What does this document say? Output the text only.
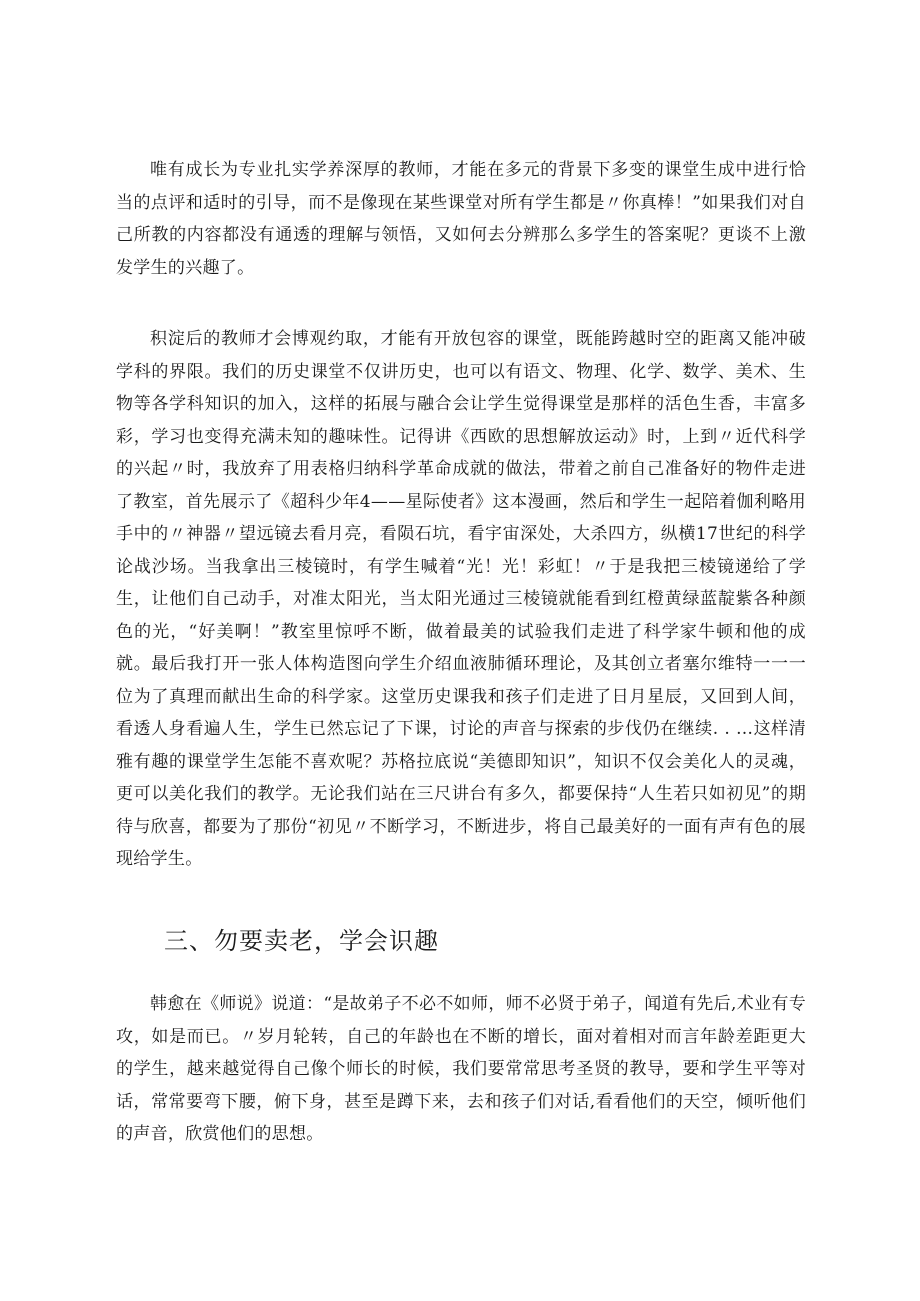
唯有成长为专业扎实学养深厚的教师，才能在多元的背景下多变的课堂生成中进行恰当的点评和适时的引导，而不是像现在某些课堂对所有学生都是〃你真棒！”如果我们对自己所教的内容都没有通透的理解与领悟，又如何去分辨那么多学生的答案呢？更谈不上激发学生的兴趣了。

积淀后的教师才会博观约取，才能有开放包容的课堂，既能跨越时空的距离又能冲破学科的界限。我们的历史课堂不仅讲历史，也可以有语文、物理、化学、数学、美术、生物等各学科知识的加入，这样的拓展与融合会让学生觉得课堂是那样的活色生香，丰富多彩，学习也变得充满未知的趣味性。记得讲《西欧的思想解放运动》时，上到〃近代科学的兴起〃时，我放弃了用表格归纳科学革命成就的做法，带着之前自己准备好的物件走进了教室，首先展示了《超科少年4——星际使者》这本漫画，然后和学生一起陪着伽利略用手中的〃神器〃望远镜去看月亮，看陨石坑，看宇宙深处，大杀四方，纵横17世纪的科学论战沙场。当我拿出三棱镜时，有学生喊着“光！光！彩虹！〃于是我把三棱镜递给了学生，让他们自己动手，对准太阳光，当太阳光通过三棱镜就能看到红橙黄绿蓝靛紫各种颜色的光，“好美啊！”教室里惊呼不断，做着最美的试验我们走进了科学家牛顿和他的成就。最后我打开一张人体构造图向学生介绍血液肺循环理论，及其创立者塞尔维特一一一位为了真理而献出生命的科学家。这堂历史课我和孩子们走进了日月星辰，又回到人间，看透人身看遍人生，学生已然忘记了下课，讨论的声音与探索的步伐仍在继续. . …这样清雅有趣的课堂学生怎能不喜欢呢？苏格拉底说“美德即知识”，知识不仅会美化人的灵魂，更可以美化我们的教学。无论我们站在三尺讲台有多久，都要保持“人生若只如初见”的期待与欣喜，都要为了那份“初见〃不断学习，不断进步，将自己最美好的一面有声有色的展现给学生。

三、勿要卖老，学会识趣

韩愈在《师说》说道：“是故弟子不必不如师，师不必贤于弟子，闻道有先后,术业有专攻，如是而已。〃岁月轮转，自己的年龄也在不断的增长，面对着相对而言年龄差距更大的学生，越来越觉得自己像个师长的时候，我们要常常思考圣贤的教导，要和学生平等对话，常常要弯下腰，俯下身，甚至是蹲下来，去和孩子们对话,看看他们的天空，倾听他们的声音，欣赏他们的思想。
